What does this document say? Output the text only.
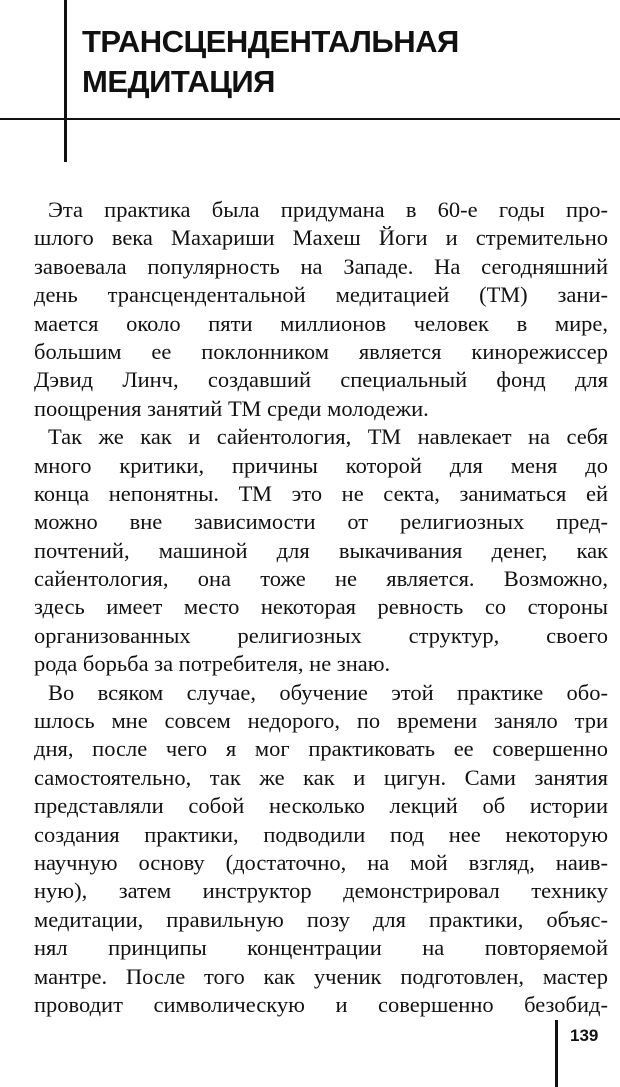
ТРАНСЦЕНДЕНТАЛЬНАЯ
МЕДИТАЦИЯ

Эта практика была придумана в 60-е годы про-
шлого века Махариши Махеш Йоги и стремительно
завоевала популярность на Западе. На сегодняшний
день трансцендентальной медитацией (ТМ) зани-
мается около пяти миллионов человек в мире,
большим ее поклонником является кинорежиссер
Дэвид Линч, создавший специальный фонд для
поощрения занятий ТМ среди молодежи.

Так же как и сайентология, ТМ навлекает на себя
много критики, причины которой для меня до
конца непонятны. ТМ это не секта, заниматься ей
можно вне зависимости от религиозных пред-
почтений, машиной для выкачивания денег, как
сайентология, она тоже не является. Возможно,
здесь имеет место некоторая ревность со стороны
организованных религиозных структур, своего
рода борьба за потребителя, не знаю.

Во всяком случае, обучение этой практике обо-
шлось мне совсем недорого, по времени заняло три
дня, после чего я мог практиковать ее совершенно
самостоятельно, так же как и цигун. Сами занятия
представляли собой несколько лекций об истории
создания практики, подводили под нее некоторую
научную основу (достаточно, на мой взгляд, наив-
ную), затем инструктор демонстрировал технику
медитации, правильную позу для практики, объяс-
нял принципы концентрации на повторяемой
мантре. После того как ученик подготовлен, мастер
проводит символическую и совершенно безобид-

139
